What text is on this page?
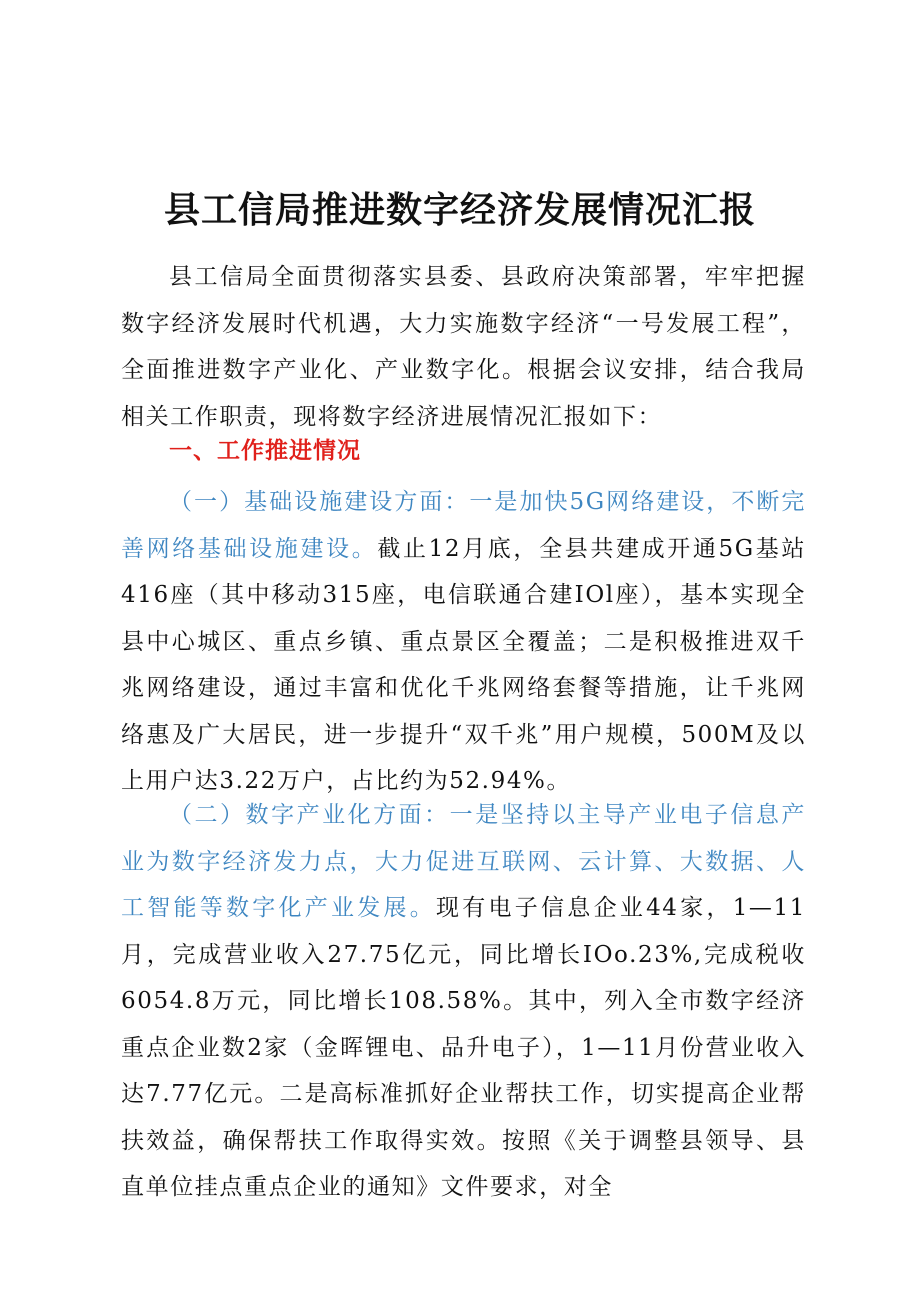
县工信局推进数字经济发展情况汇报

县工信局全面贯彻落实县委、县政府决策部署，牢牢把握数字经济发展时代机遇，大力实施数字经济“一号发展工程”，全面推进数字产业化、产业数字化。根据会议安排，结合我局相关工作职责，现将数字经济进展情况汇报如下：

一、工作推进情况

（一）基础设施建设方面：一是加快5G网络建设，不断完善网络基础设施建设。截止12月底，全县共建成开通5G基站416座（其中移动315座，电信联通合建IOl座），基本实现全县中心城区、重点乡镇、重点景区全覆盖；二是积极推进双千兆网络建设，通过丰富和优化千兆网络套餐等措施，让千兆网络惠及广大居民，进一步提升“双千兆”用户规模，500M及以上用户达3.22万户，占比约为52.94%。

（二）数字产业化方面：一是坚持以主导产业电子信息产业为数字经济发力点，大力促进互联网、云计算、大数据、人工智能等数字化产业发展。现有电子信息企业44家，1—11月，完成营业收入27.75亿元，同比增长IOo.23%,完成税收6054.8万元，同比增长108.58%。其中，列入全市数字经济重点企业数2家（金晖锂电、品升电子），1—11月份营业收入达7.77亿元。二是高标准抓好企业帮扶工作，切实提高企业帮扶效益，确保帮扶工作取得实效。按照《关于调整县领导、县直单位挂点重点企业的通知》文件要求，对全
